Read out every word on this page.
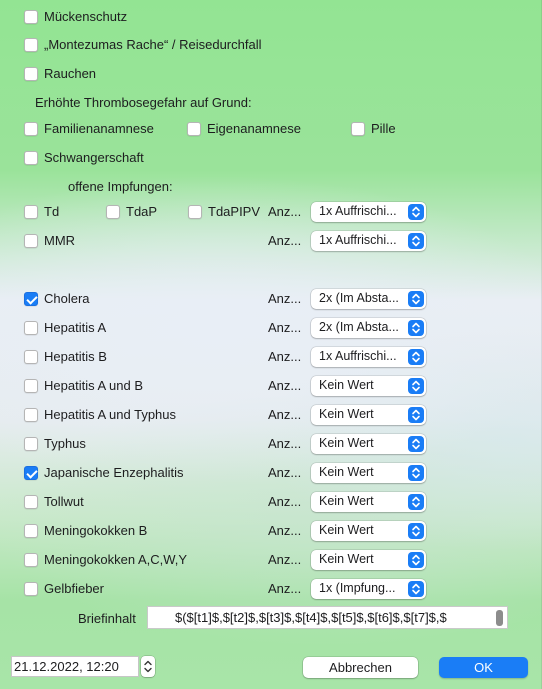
Mückenschutz
„Montezumas Rache“ / Reisedurchfall
Rauchen
Erhöhte Thrombosegefahr auf Grund:
Familienanamnese	Eigenanamnese	Pille
Schwangerschaft
offene Impfungen:
Td	TdaP	TdaPIPV Anz... 1x Auffrischi...
MMR	Anz... 1x Auffrischi...
Cholera	Anz... 2x (Im Absta...
Hepatitis A	Anz... 2x (Im Absta...
Hepatitis B	Anz... 1x Auffrischi...
Hepatitis A und B	Anz... Kein Wert
Hepatitis A und Typhus	Anz... Kein Wert
Typhus	Anz... Kein Wert
Japanische Enzephalitis	Anz... Kein Wert
Tollwut	Anz... Kein Wert
Meningokokken B	Anz... Kein Wert
Meningokokken A,C,W,Y	Anz... Kein Wert
Gelbfieber	Anz... 1x (Impfung...
Briefinhalt	$($[t1]$,$[t2]$,$[t3]$,$[t4]$,$[t5]$,$[t6]$,$[t7]$,$
21.12.2022, 12:20	Abbrechen	OK
